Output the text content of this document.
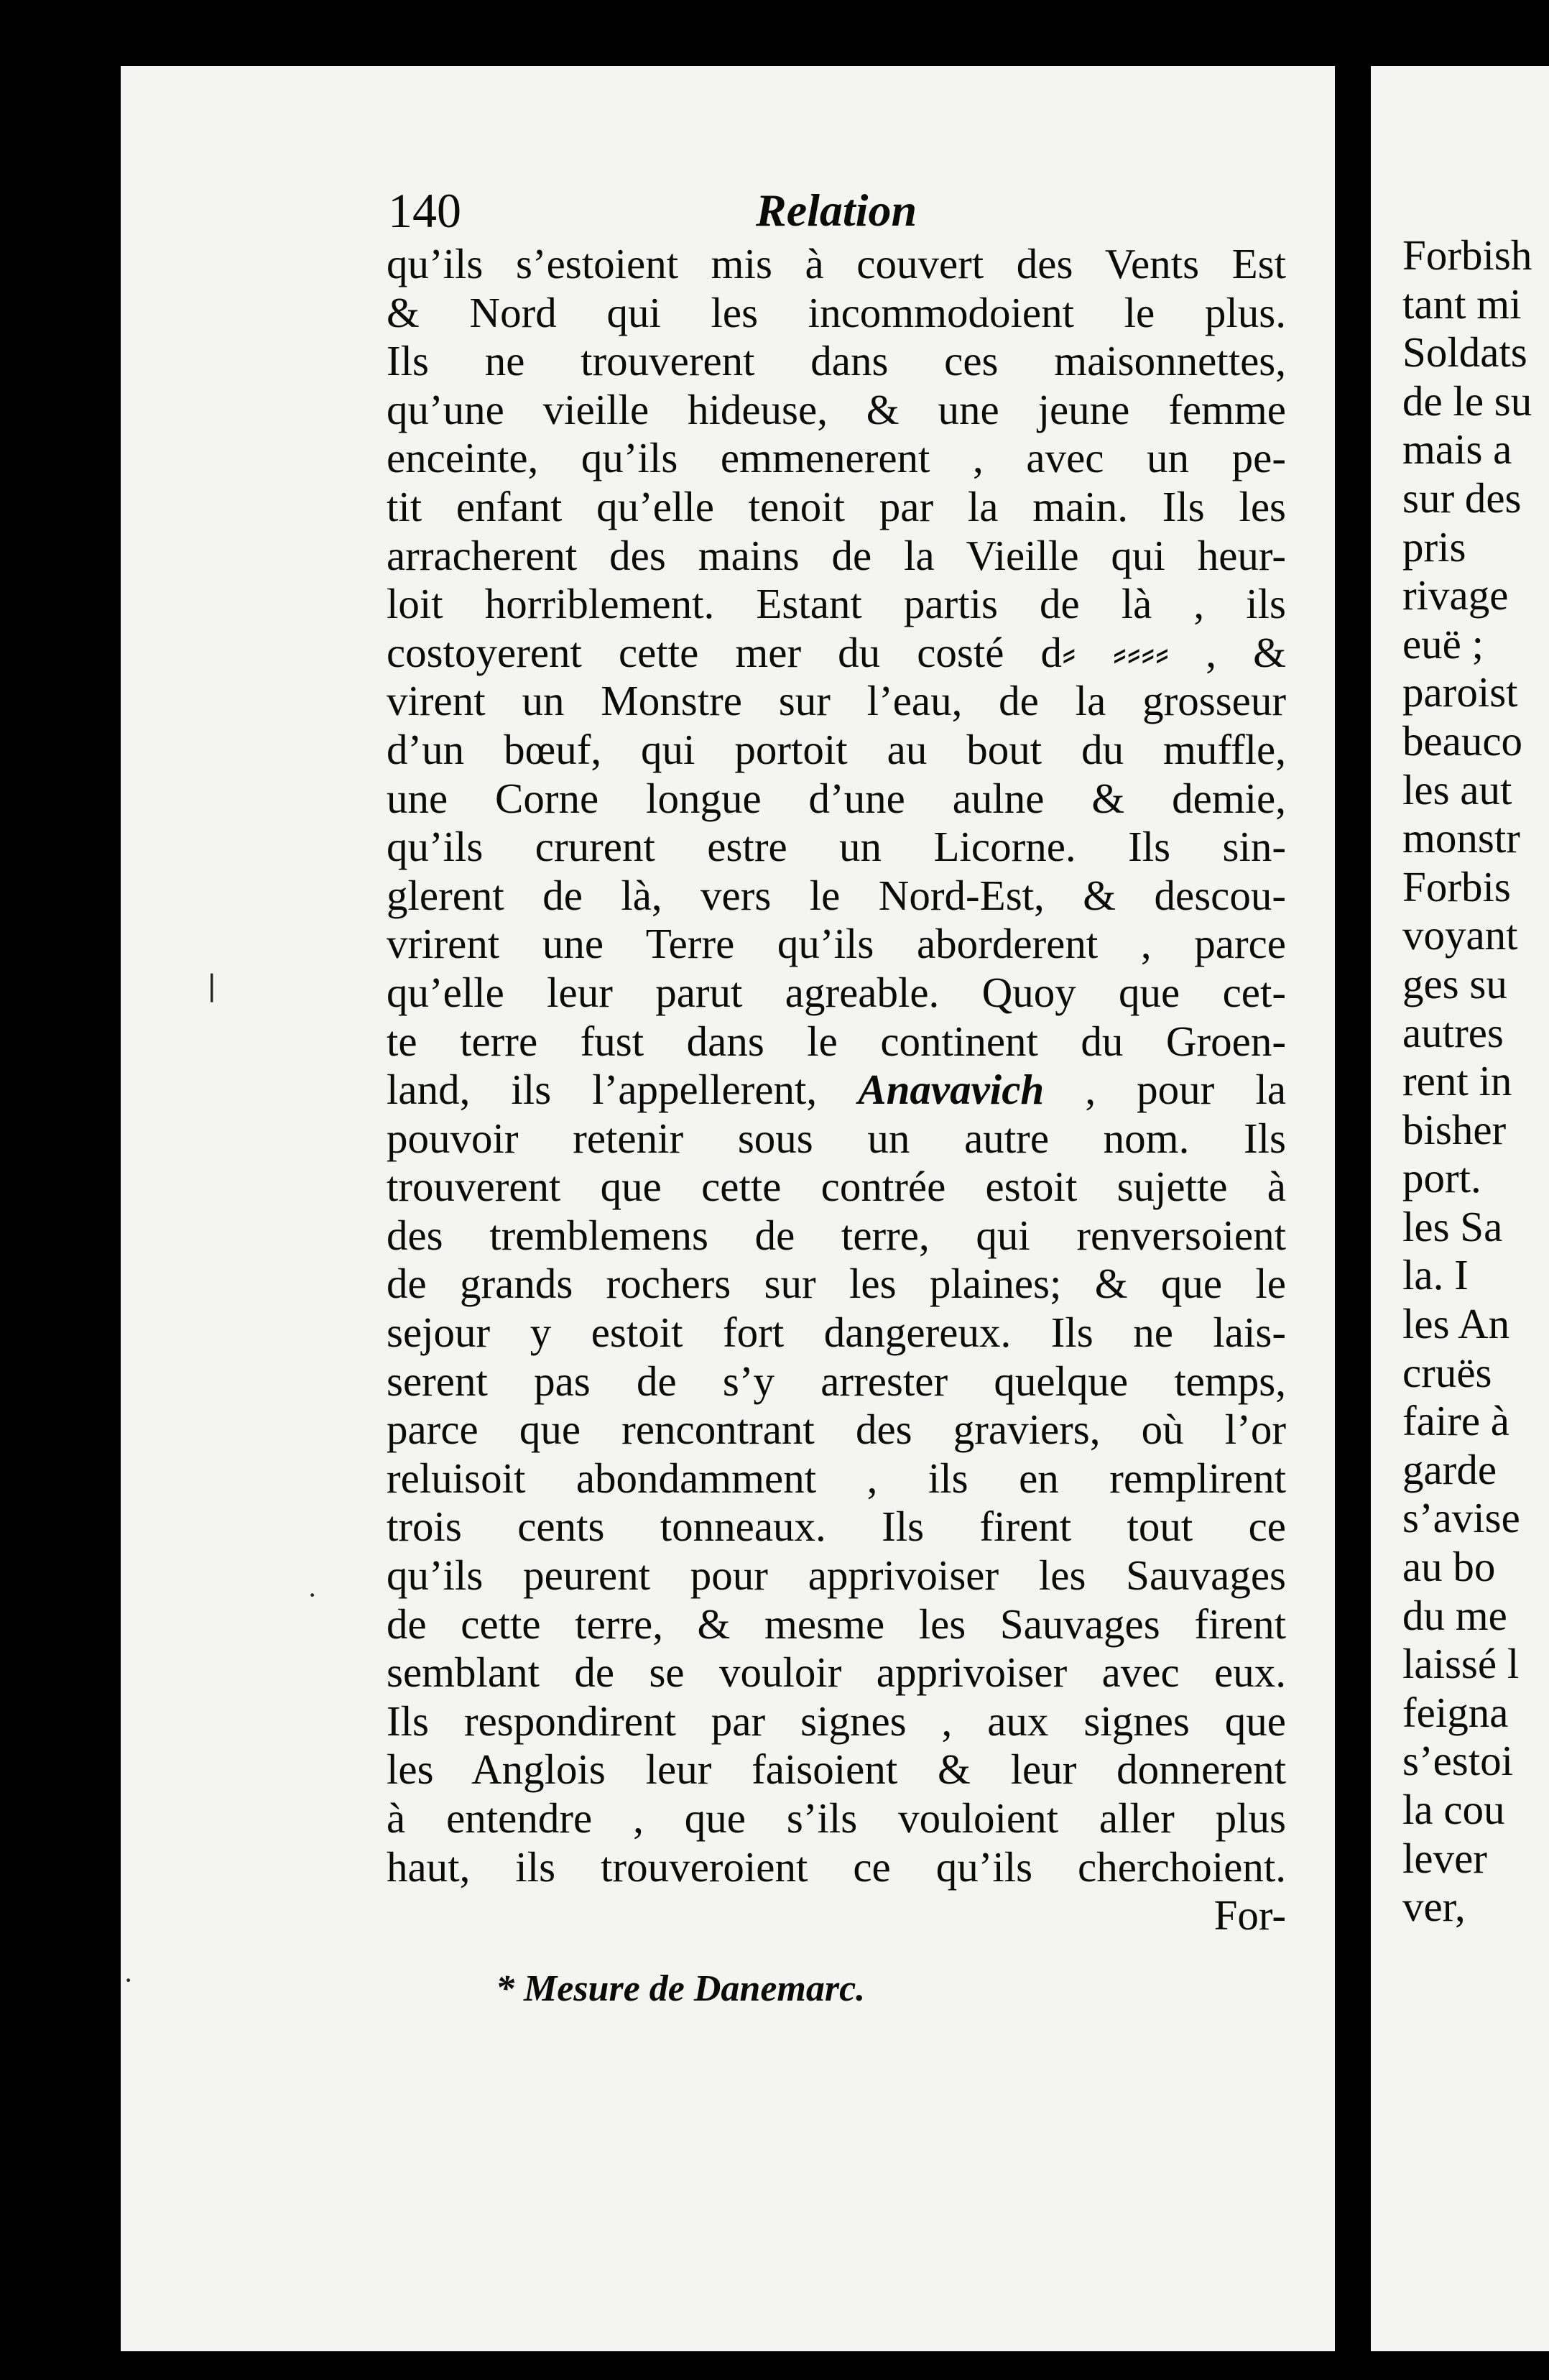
140	Relation
qu’ils s’estoient mis à couvert des Vents Est
& Nord qui les incommodoient le plus.
Ils ne trouverent dans ces maisonnettes,
qu’une vieille hideuse, & une jeune femme
enceinte, qu’ils emmenerent , avec un pe-
tit enfant qu’elle tenoit par la main. Ils les
arracherent des mains de la Vieille qui heur-
loit horriblement. Estant partis de là , ils
costoyerent cette mer du costé d⸗ ⸗⸗⸗⸗ , &
virent un Monstre sur l’eau, de la grosseur
d’un bœuf, qui portoit au bout du muffle,
une Corne longue d’une aulne & demie,
qu’ils crurent estre un Licorne. Ils sin-
glerent de là, vers le Nord-Est, & descou-
vrirent une Terre qu’ils aborderent , parce
qu’elle leur parut agreable. Quoy que cet-
te terre fust dans le continent du Groen-
land, ils l’appellerent, Anavavich , pour la
pouvoir retenir sous un autre nom. Ils
trouverent que cette contrée estoit sujette à
des tremblemens de terre, qui renversoient
de grands rochers sur les plaines; & que le
sejour y estoit fort dangereux. Ils ne lais-
serent pas de s’y arrester quelque temps,
parce que rencontrant des graviers, où l’or
reluisoit abondamment , ils en remplirent
trois cents tonneaux. Ils firent tout ce
qu’ils peurent pour apprivoiser les Sauvages
de cette terre, & mesme les Sauvages firent
semblant de se vouloir apprivoiser avec eux.
Ils respondirent par signes , aux signes que
les Anglois leur faisoient & leur donnerent
à entendre , que s’ils vouloient aller plus
haut, ils trouveroient ce qu’ils cherchoient.
For-
* Mesure de Danemarc.
Forbish
tant mi
Soldats
de le su
mais a
sur des
pris
rivage
euë ;
paroist
beauco
les aut
monstr
Forbis
voyant
ges su
autres
rent in
bisher
port.
les Sa
la. I
les An
cruës
faire à
garde
s’avise
au bo
du me
laissé l
feigna
s’estoi
la cou
lever
ver,
❘
·
·
